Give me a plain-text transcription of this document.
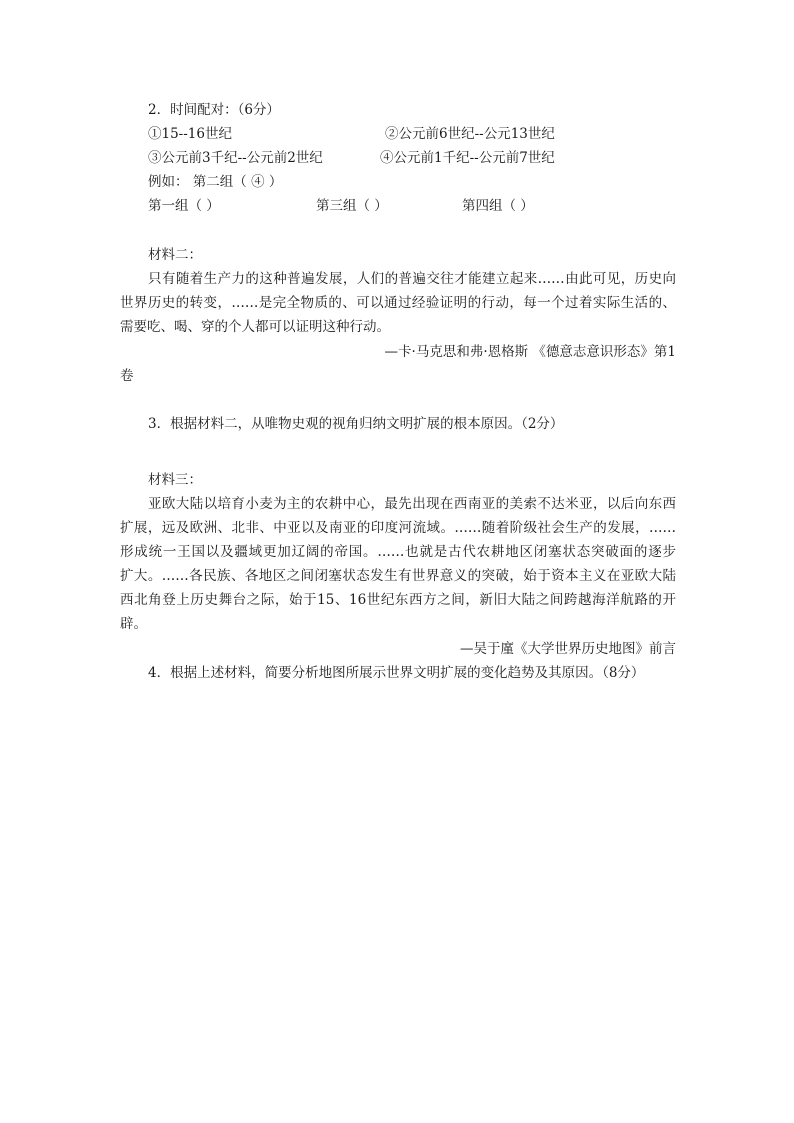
2．时间配对：（6分）
①15--16世纪	②公元前6世纪--公元13世纪
③公元前3千纪--公元前2世纪	④公元前1千纪--公元前7世纪
例如： 第二组（ ④ ）
第一组（ ）	第三组（ ）	第四组（ ）
材料二：
只有随着生产力的这种普遍发展，人们的普遍交往才能建立起来……由此可见，历史向
世界历史的转变，……是完全物质的、可以通过经验证明的行动，每一个过着实际生活的、
需要吃、喝、穿的个人都可以证明这种行动。
—卡·马克思和弗·恩格斯 《德意志意识形态》第1
卷
3．根据材料二，从唯物史观的视角归纳文明扩展的根本原因。（2分）
材料三：
亚欧大陆以培育小麦为主的农耕中心，最先出现在西南亚的美索不达米亚，以后向东西
扩展，远及欧洲、北非、中亚以及南亚的印度河流域。……随着阶级社会生产的发展，……
形成统一王国以及疆域更加辽阔的帝国。……也就是古代农耕地区闭塞状态突破面的逐步
扩大。……各民族、各地区之间闭塞状态发生有世界意义的突破，始于资本主义在亚欧大陆
西北角登上历史舞台之际，始于15、16世纪东西方之间，新旧大陆之间跨越海洋航路的开
辟。
—吴于廑《大学世界历史地图》前言
4．根据上述材料，简要分析地图所展示世界文明扩展的变化趋势及其原因。（8分）
